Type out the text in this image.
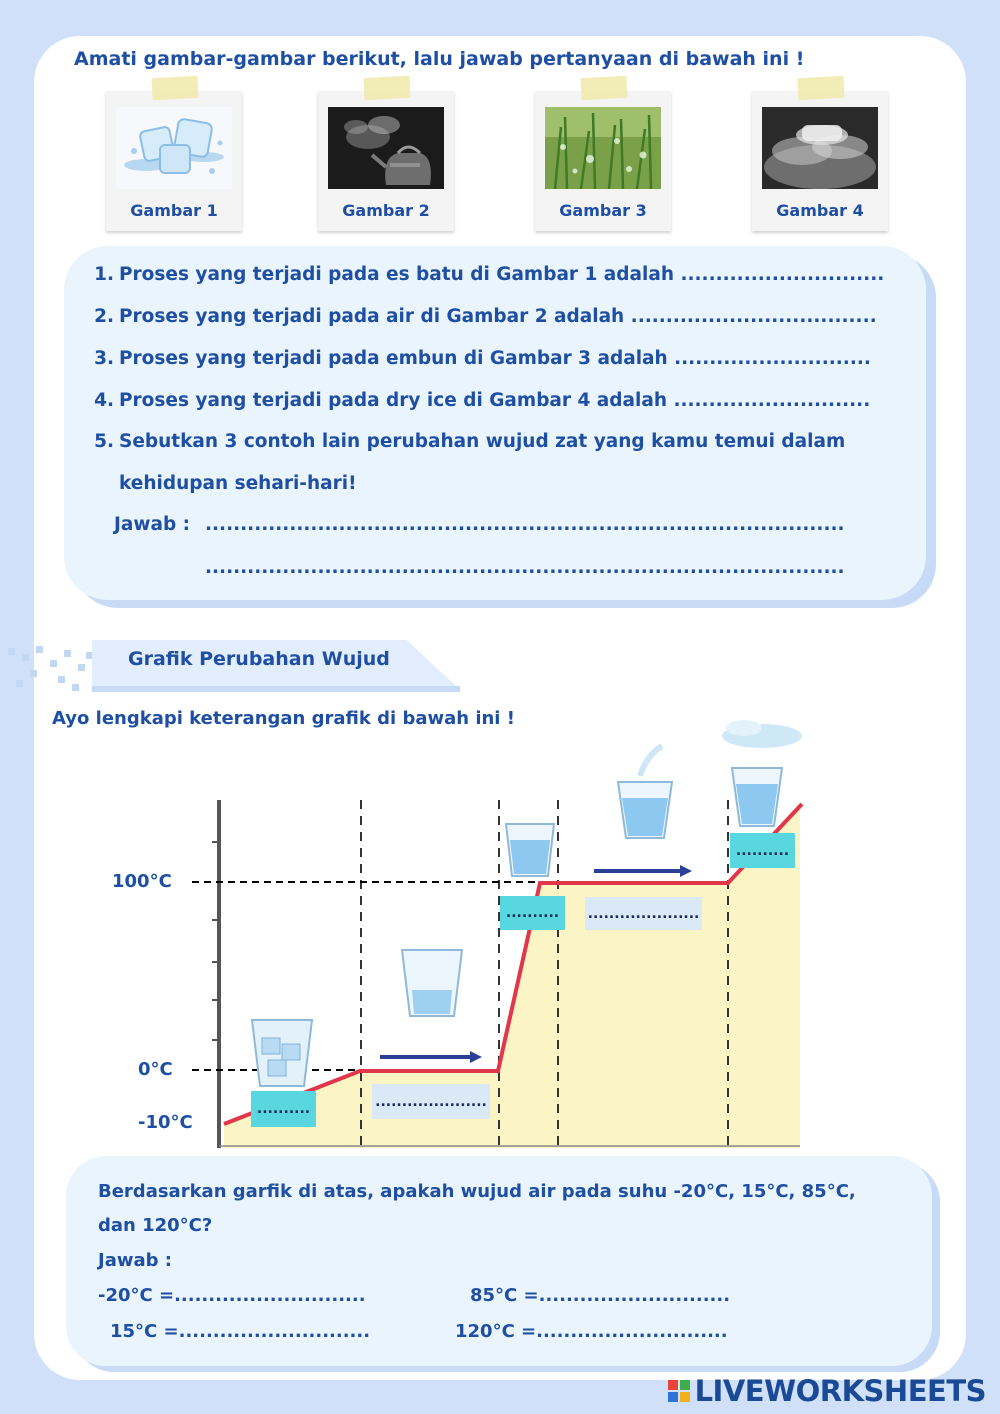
Amati gambar-gambar berikut, lalu jawab pertanyaan di bawah ini !
Gambar 1	Gambar 2	Gambar 3	Gambar 4
1. Proses yang terjadi pada es batu di Gambar 1 adalah .............................
2. Proses yang terjadi pada air di Gambar 2 adalah ...................................
3. Proses yang terjadi pada embun di Gambar 3 adalah ............................
4. Proses yang terjadi pada dry ice di Gambar 4 adalah ............................
5. Sebutkan 3 contoh lain perubahan wujud zat yang kamu temui dalam
kehidupan sehari-hari!
Jawab : ...........................................................................................
...........................................................................................
Grafik Perubahan Wujud
Ayo lengkapi keterangan grafik di bawah ini !
100°C
0°C
-10°C
..........	.....................
..........	.....................
..........
Berdasarkan garfik di atas, apakah wujud air pada suhu -20°C, 15°C, 85°C,
dan 120°C?
Jawab :
-20°C =............................	85°C =............................
15°C =............................	120°C =............................
LIVEWORKSHEETS
